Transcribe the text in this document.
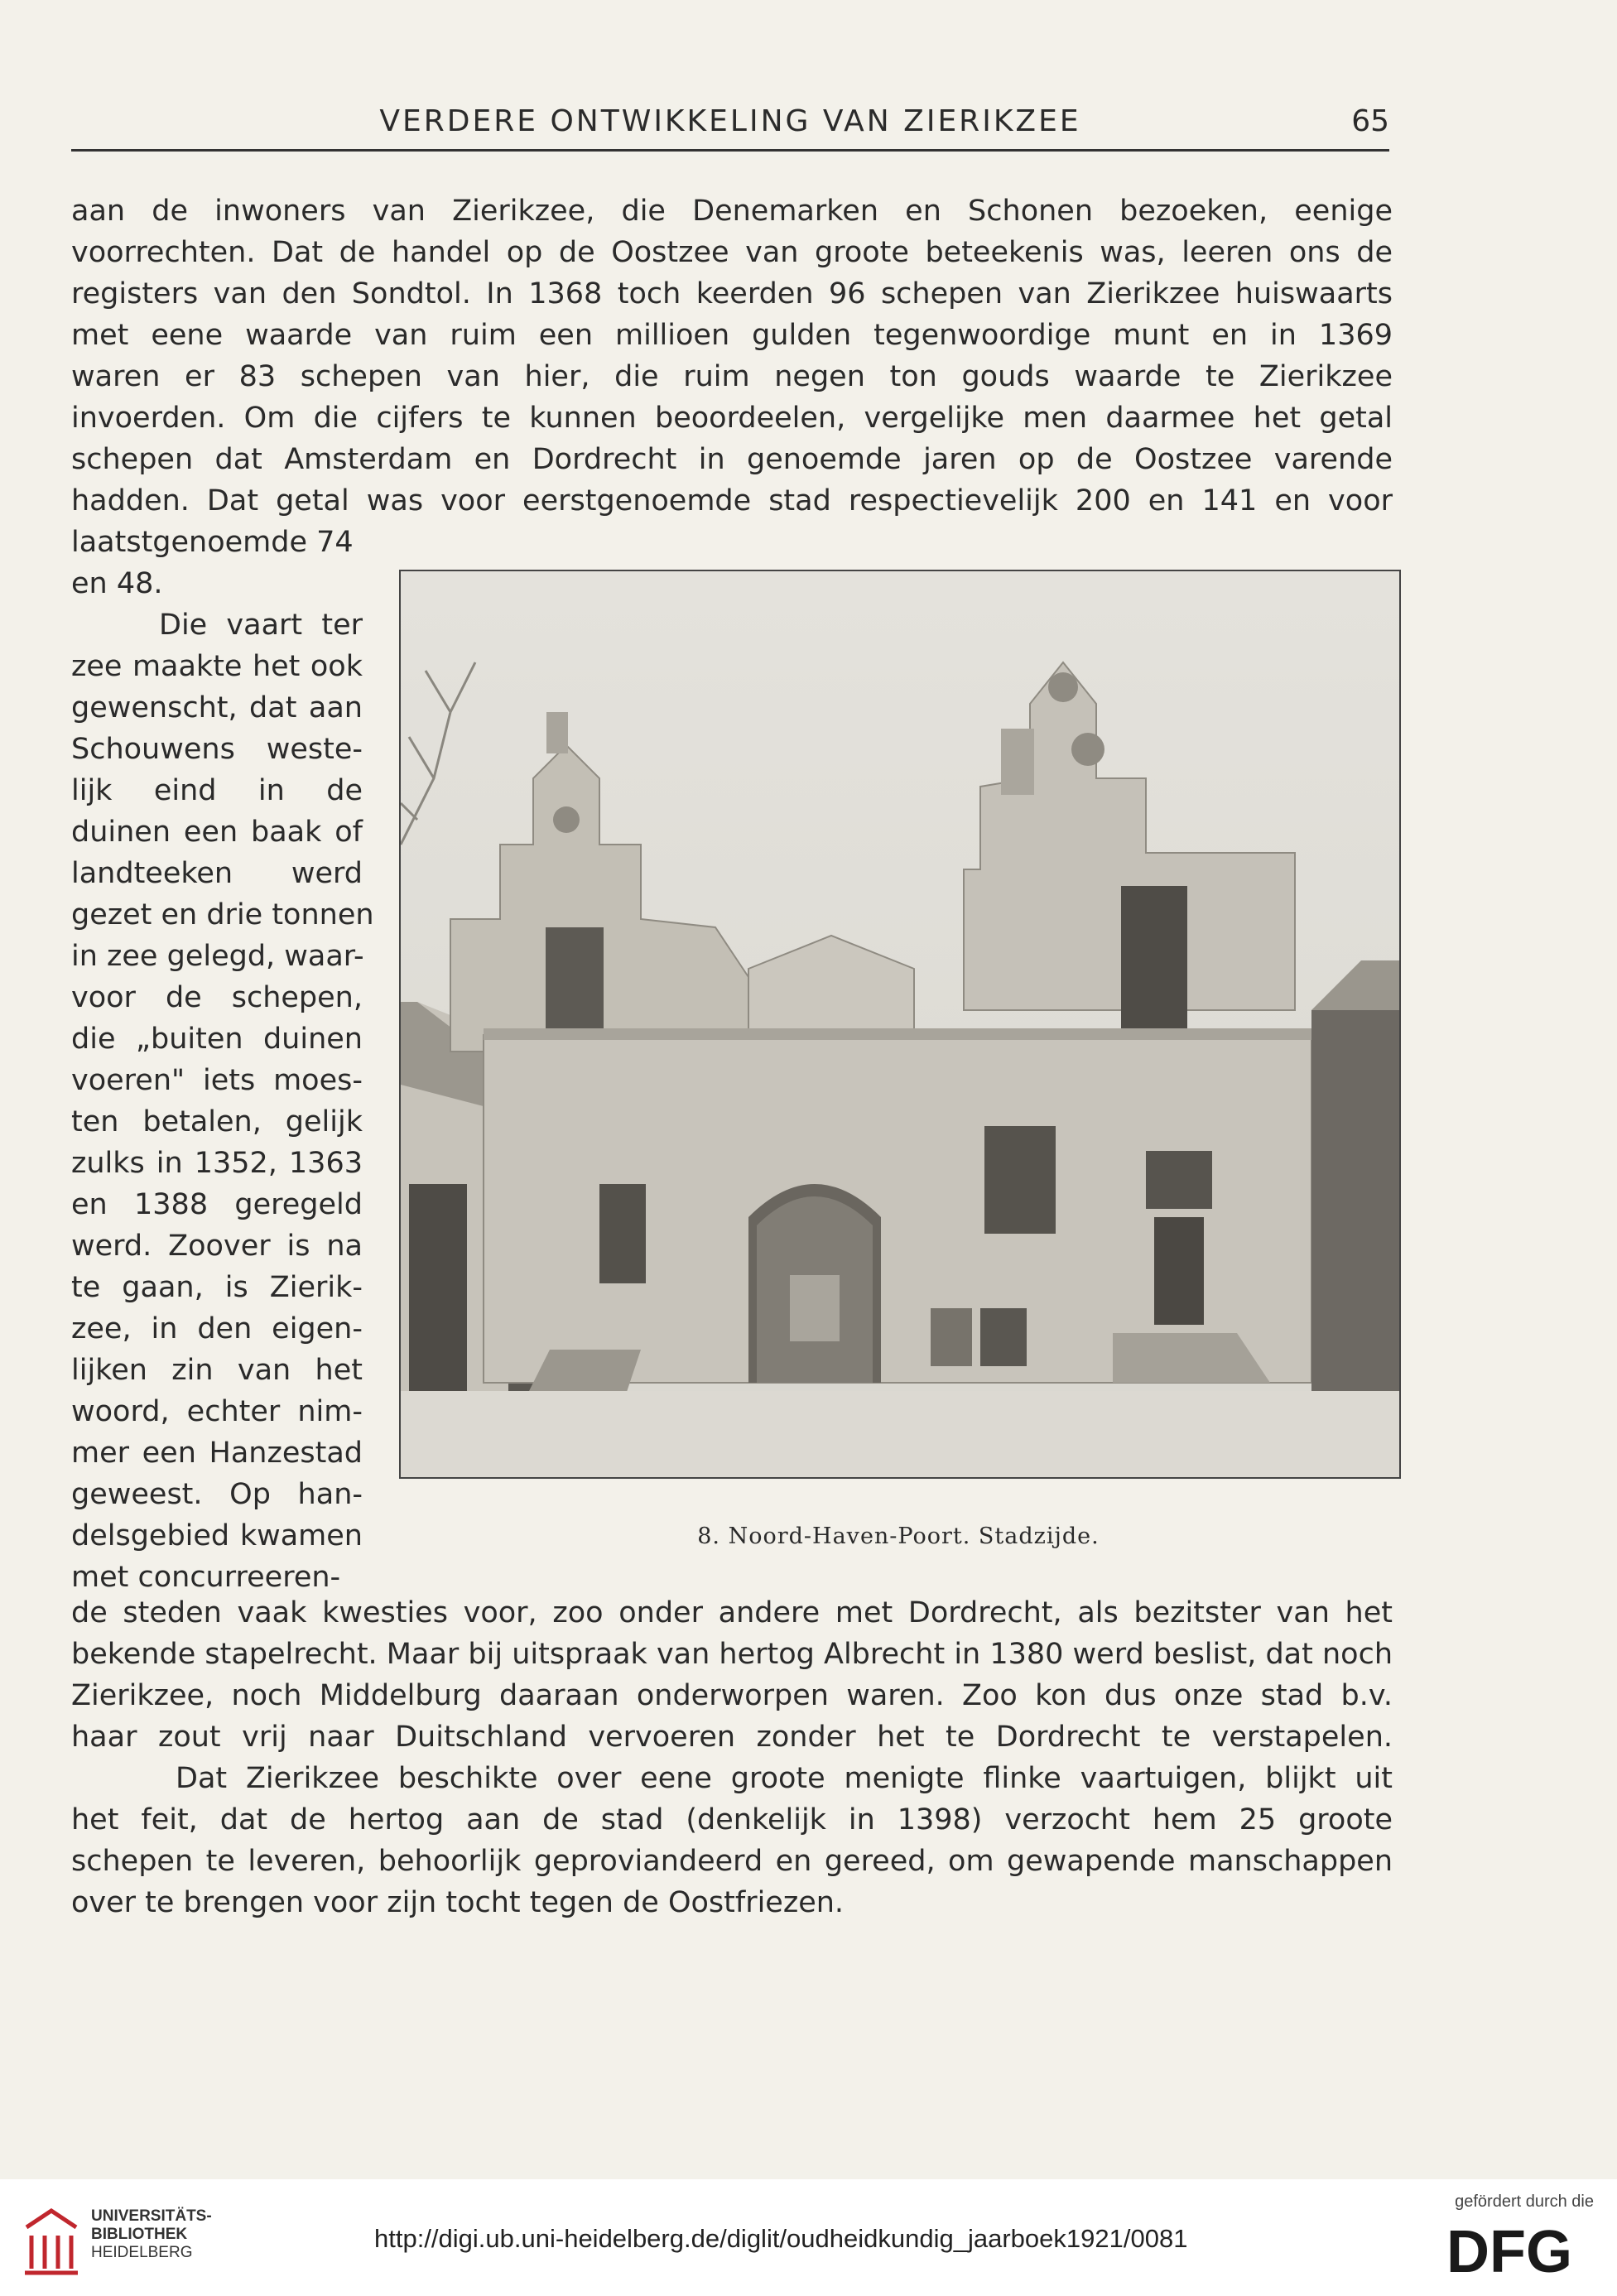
VERDERE ONTWIKKELING VAN ZIERIKZEE	65
aan de inwoners van Zierikzee, die Denemarken en Schonen bezoeken, eenige
voorrechten. Dat de handel op de Oostzee van groote beteekenis was, leeren ons de
registers van den Sondtol. In 1368 toch keerden 96 schepen van Zierikzee huiswaarts
met eene waarde van ruim een millioen gulden tegenwoordige munt en in 1369
waren er 83 schepen van hier, die ruim negen ton gouds waarde te Zierikzee
invoerden. Om die cijfers te kunnen beoordeelen, vergelijke men daarmee het getal
schepen dat Amsterdam en Dordrecht in genoemde jaren op de Oostzee varende
hadden. Dat getal was voor eerstgenoemde stad respectievelijk 200 en 141 en voor
laatstgenoemde 74
en 48.
Die vaart ter
zee maakte het ook
gewenscht, dat aan
Schouwens weste-
lijk eind in de
duinen een baak of
landteeken werd
gezet en drie tonnen
in zee gelegd, waar-
voor de schepen,
die „buiten duinen
voeren" iets moes-
ten betalen, gelijk
zulks in 1352, 1363
en 1388 geregeld
werd. Zoover is na
te gaan, is Zierik-
zee, in den eigen-
lijken zin van het
woord, echter nim-
mer een Hanzestad
geweest. Op han-
delsgebied kwamen
met concurreeren-
8. Noord-Haven-Poort. Stadzijde.
de steden vaak kwesties voor, zoo onder andere met Dordrecht, als bezitster van het
bekende stapelrecht. Maar bij uitspraak van hertog Albrecht in 1380 werd beslist, dat noch
Zierikzee, noch Middelburg daaraan onderworpen waren. Zoo kon dus onze stad b.v.
haar zout vrij naar Duitschland vervoeren zonder het te Dordrecht te verstapelen.
Dat Zierikzee beschikte over eene groote menigte flinke vaartuigen, blijkt uit
het feit, dat de hertog aan de stad (denkelijk in 1398) verzocht hem 25 groote
schepen te leveren, behoorlijk geproviandeerd en gereed, om gewapende manschappen
over te brengen voor zijn tocht tegen de Oostfriezen.
UNIVERSITÄTS-
BIBLIOTHEK
HEIDELBERG	http://digi.ub.uni-heidelberg.de/diglit/oudheidkundig_jaarboek1921/0081
gefördert durch die
DFG
